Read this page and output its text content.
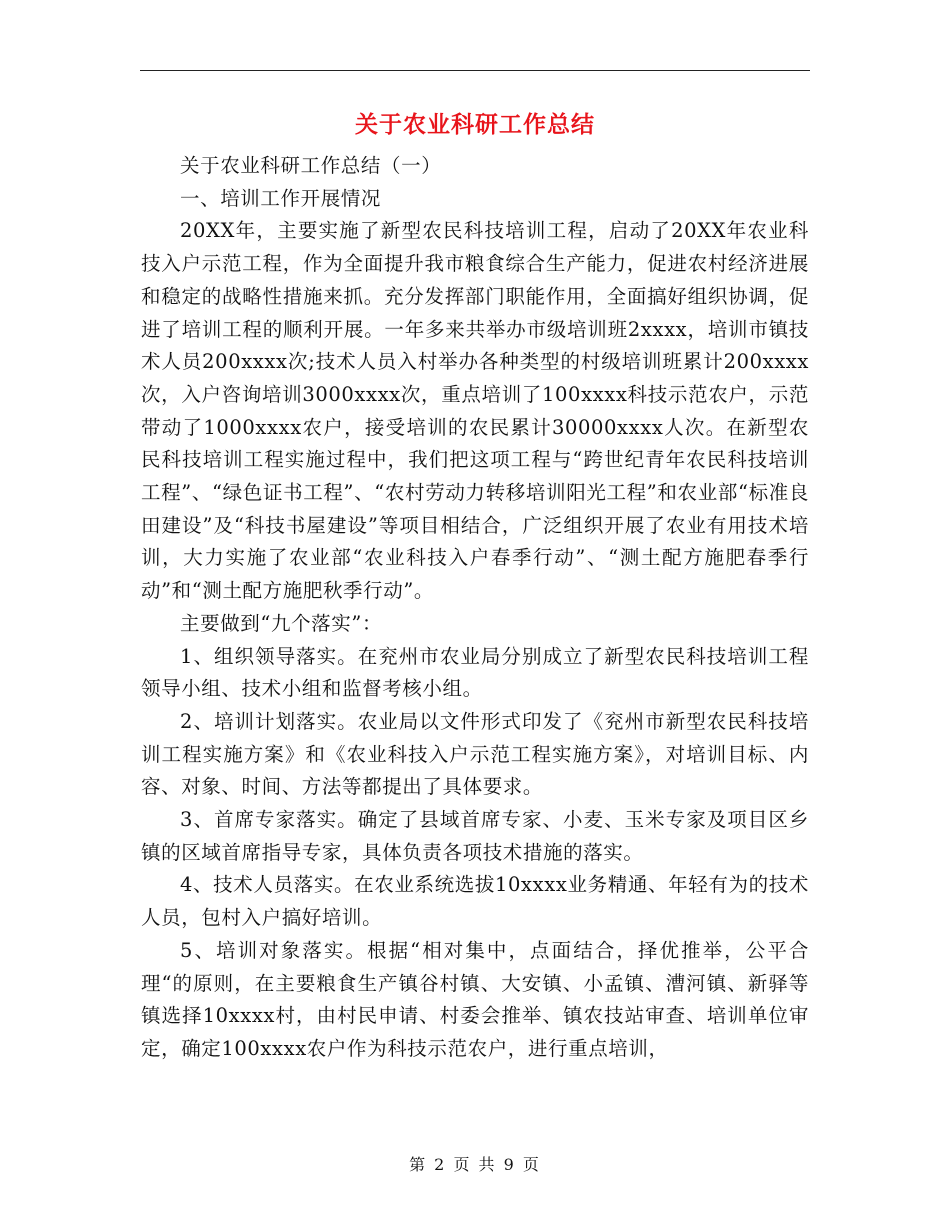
关于农业科研工作总结

关于农业科研工作总结（一）

一、培训工作开展情况

20XX年，主要实施了新型农民科技培训工程，启动了20XX年农业科技入户示范工程，作为全面提升我市粮食综合生产能力，促进农村经济进展和稳定的战略性措施来抓。充分发挥部门职能作用，全面搞好组织协调，促进了培训工程的顺利开展。一年多来共举办市级培训班2xxxx，培训市镇技术人员200xxxx次;技术人员入村举办各种类型的村级培训班累计200xxxx次，入户咨询培训3000xxxx次，重点培训了100xxxx科技示范农户，示范带动了1000xxxx农户，接受培训的农民累计30000xxxx人次。在新型农民科技培训工程实施过程中，我们把这项工程与“跨世纪青年农民科技培训工程”、“绿色证书工程”、“农村劳动力转移培训阳光工程”和农业部“标准良田建设”及“科技书屋建设”等项目相结合，广泛组织开展了农业有用技术培训，大力实施了农业部“农业科技入户春季行动”、“测土配方施肥春季行动”和“测土配方施肥秋季行动”。

主要做到“九个落实”：

1、组织领导落实。在兖州市农业局分别成立了新型农民科技培训工程领导小组、技术小组和监督考核小组。

2、培训计划落实。农业局以文件形式印发了《兖州市新型农民科技培训工程实施方案》和《农业科技入户示范工程实施方案》，对培训目标、内容、对象、时间、方法等都提出了具体要求。

3、首席专家落实。确定了县域首席专家、小麦、玉米专家及项目区乡镇的区域首席指导专家，具体负责各项技术措施的落实。

4、技术人员落实。在农业系统选拔10xxxx业务精通、年轻有为的技术人员，包村入户搞好培训。

5、培训对象落实。根据“相对集中，点面结合，择优推举，公平合理“的原则，在主要粮食生产镇谷村镇、大安镇、小孟镇、漕河镇、新驿等镇选择10xxxx村，由村民申请、村委会推举、镇农技站审查、培训单位审定，确定100xxxx农户作为科技示范农户，进行重点培训，

第 2 页 共 9 页
